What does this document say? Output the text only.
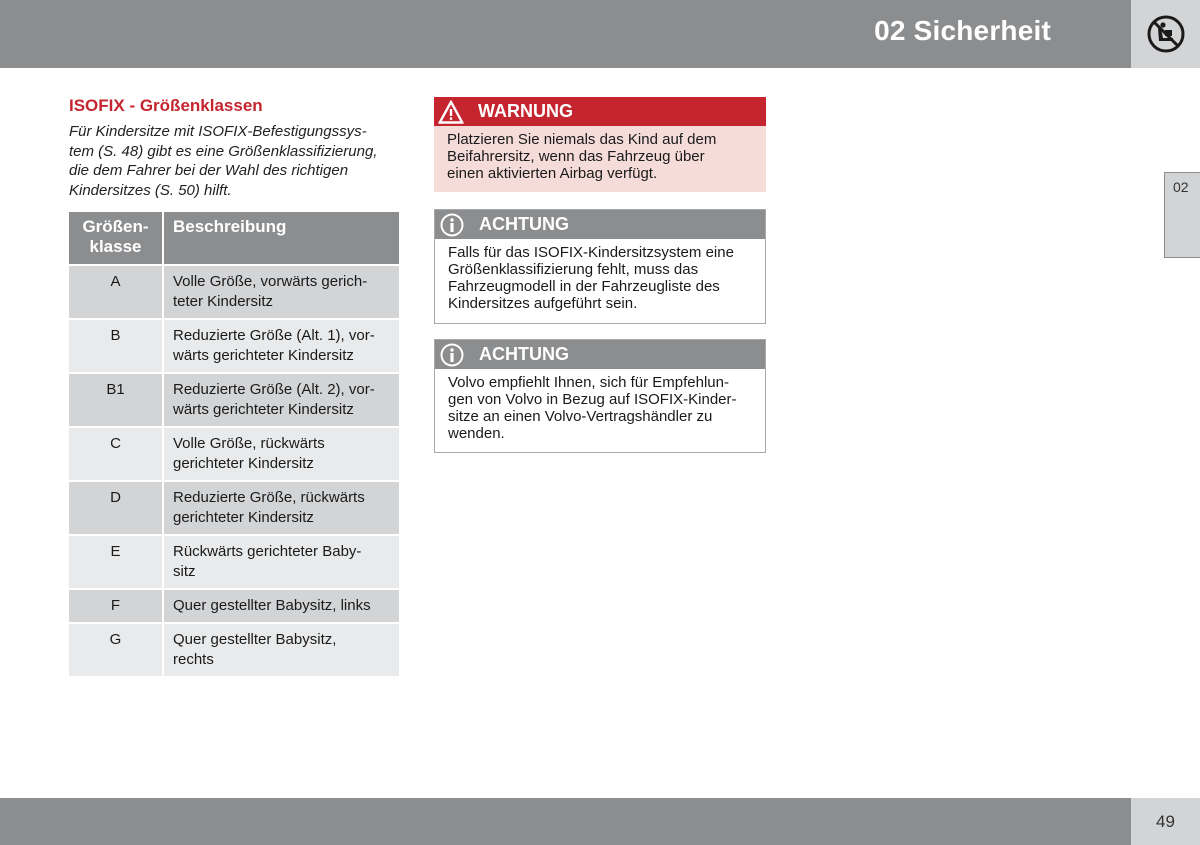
02 Sicherheit
02
ISOFIX - Größenklassen
Für Kindersitze mit ISOFIX-Befestigungssys-
tem (S. 48) gibt es eine Größenklassifizierung,
die dem Fahrer bei der Wahl des richtigen
Kindersitzes (S. 50) hilft.
Größen-
klasse	Beschreibung
A	Volle Größe, vorwärts gerich-
teter Kindersitz

B	Reduzierte Größe (Alt. 1), vor-
wärts gerichteter Kindersitz

B1	Reduzierte Größe (Alt. 2), vor-
wärts gerichteter Kindersitz

C	Volle Größe, rückwärts
gerichteter Kindersitz

D	Reduzierte Größe, rückwärts
gerichteter Kindersitz

E	Rückwärts gerichteter Baby-
sitz

F	Quer gestellter Babysitz, links

G	Quer gestellter Babysitz,
rechts
WARNUNG
Platzieren Sie niemals das Kind auf dem
Beifahrersitz, wenn das Fahrzeug über
einen aktivierten Airbag verfügt.
ACHTUNG
Falls für das ISOFIX-Kindersitzsystem eine
Größenklassifizierung fehlt, muss das
Fahrzeugmodell in der Fahrzeugliste des
Kindersitzes aufgeführt sein.
ACHTUNG
Volvo empfiehlt Ihnen, sich für Empfehlun-
gen von Volvo in Bezug auf ISOFIX-Kinder-
sitze an einen Volvo-Vertragshändler zu
wenden.
49
